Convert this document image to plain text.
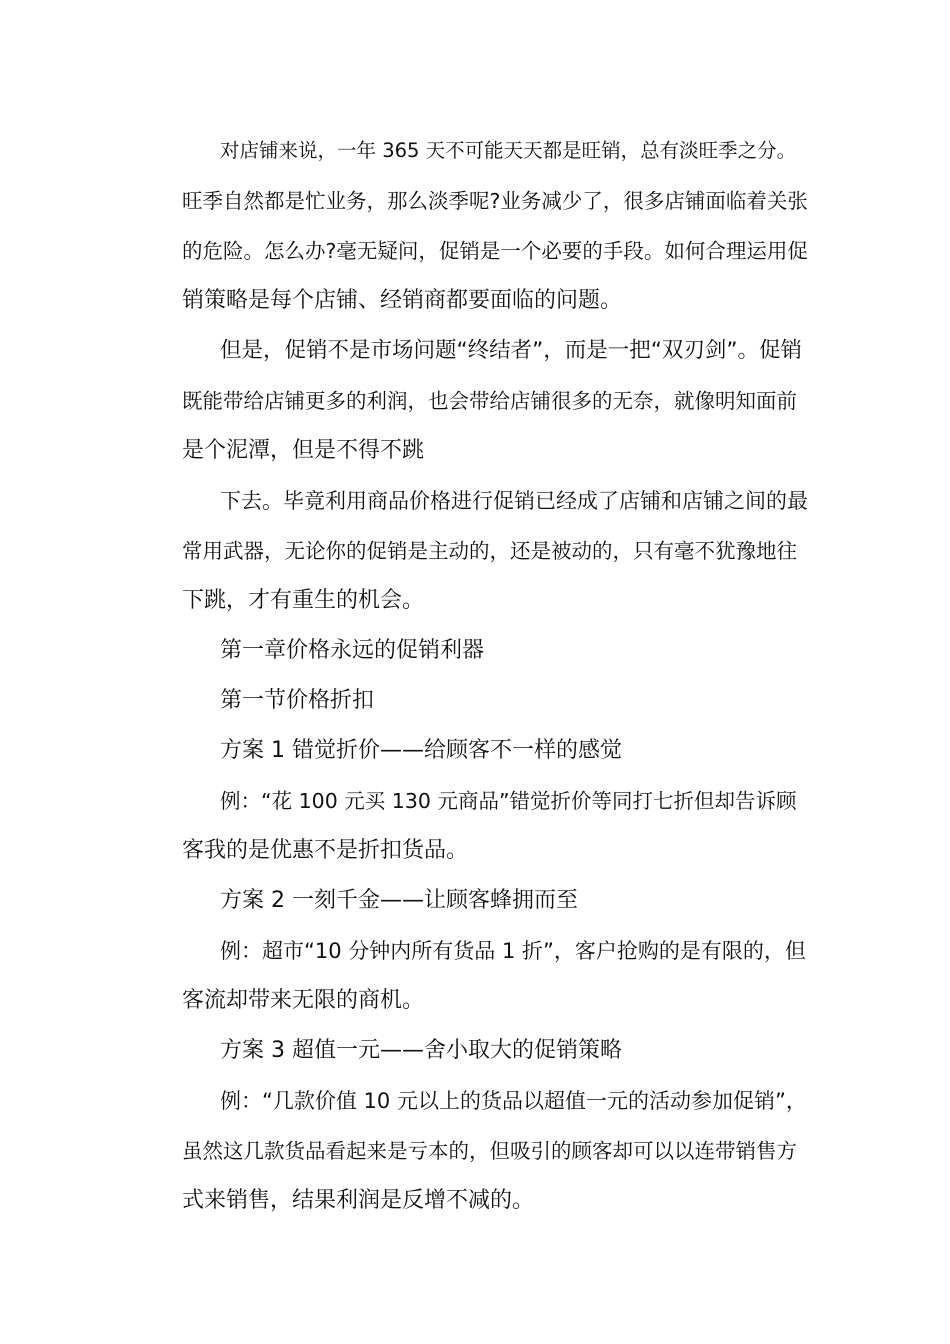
对店铺来说，一年 365 天不可能天天都是旺销，总有淡旺季之分。
旺季自然都是忙业务，那么淡季呢?业务减少了，很多店铺面临着关张
的危险。怎么办?毫无疑问，促销是一个必要的手段。如何合理运用促
销策略是每个店铺、经销商都要面临的问题。
但是，促销不是市场问题“终结者”，而是一把“双刃剑”。促销
既能带给店铺更多的利润，也会带给店铺很多的无奈，就像明知面前
是个泥潭，但是不得不跳
下去。毕竟利用商品价格进行促销已经成了店铺和店铺之间的最
常用武器，无论你的促销是主动的，还是被动的，只有毫不犹豫地往
下跳，才有重生的机会。
第一章价格永远的促销利器
第一节价格折扣
方案 1 错觉折价——给顾客不一样的感觉
例：“花 100 元买 130 元商品”错觉折价等同打七折但却告诉顾
客我的是优惠不是折扣货品。
方案 2 一刻千金——让顾客蜂拥而至
例：超市“10 分钟内所有货品 1 折”，客户抢购的是有限的，但
客流却带来无限的商机。
方案 3 超值一元——舍小取大的促销策略
例：“几款价值 10 元以上的货品以超值一元的活动参加促销”，
虽然这几款货品看起来是亏本的，但吸引的顾客却可以以连带销售方
式来销售，结果利润是反增不减的。
